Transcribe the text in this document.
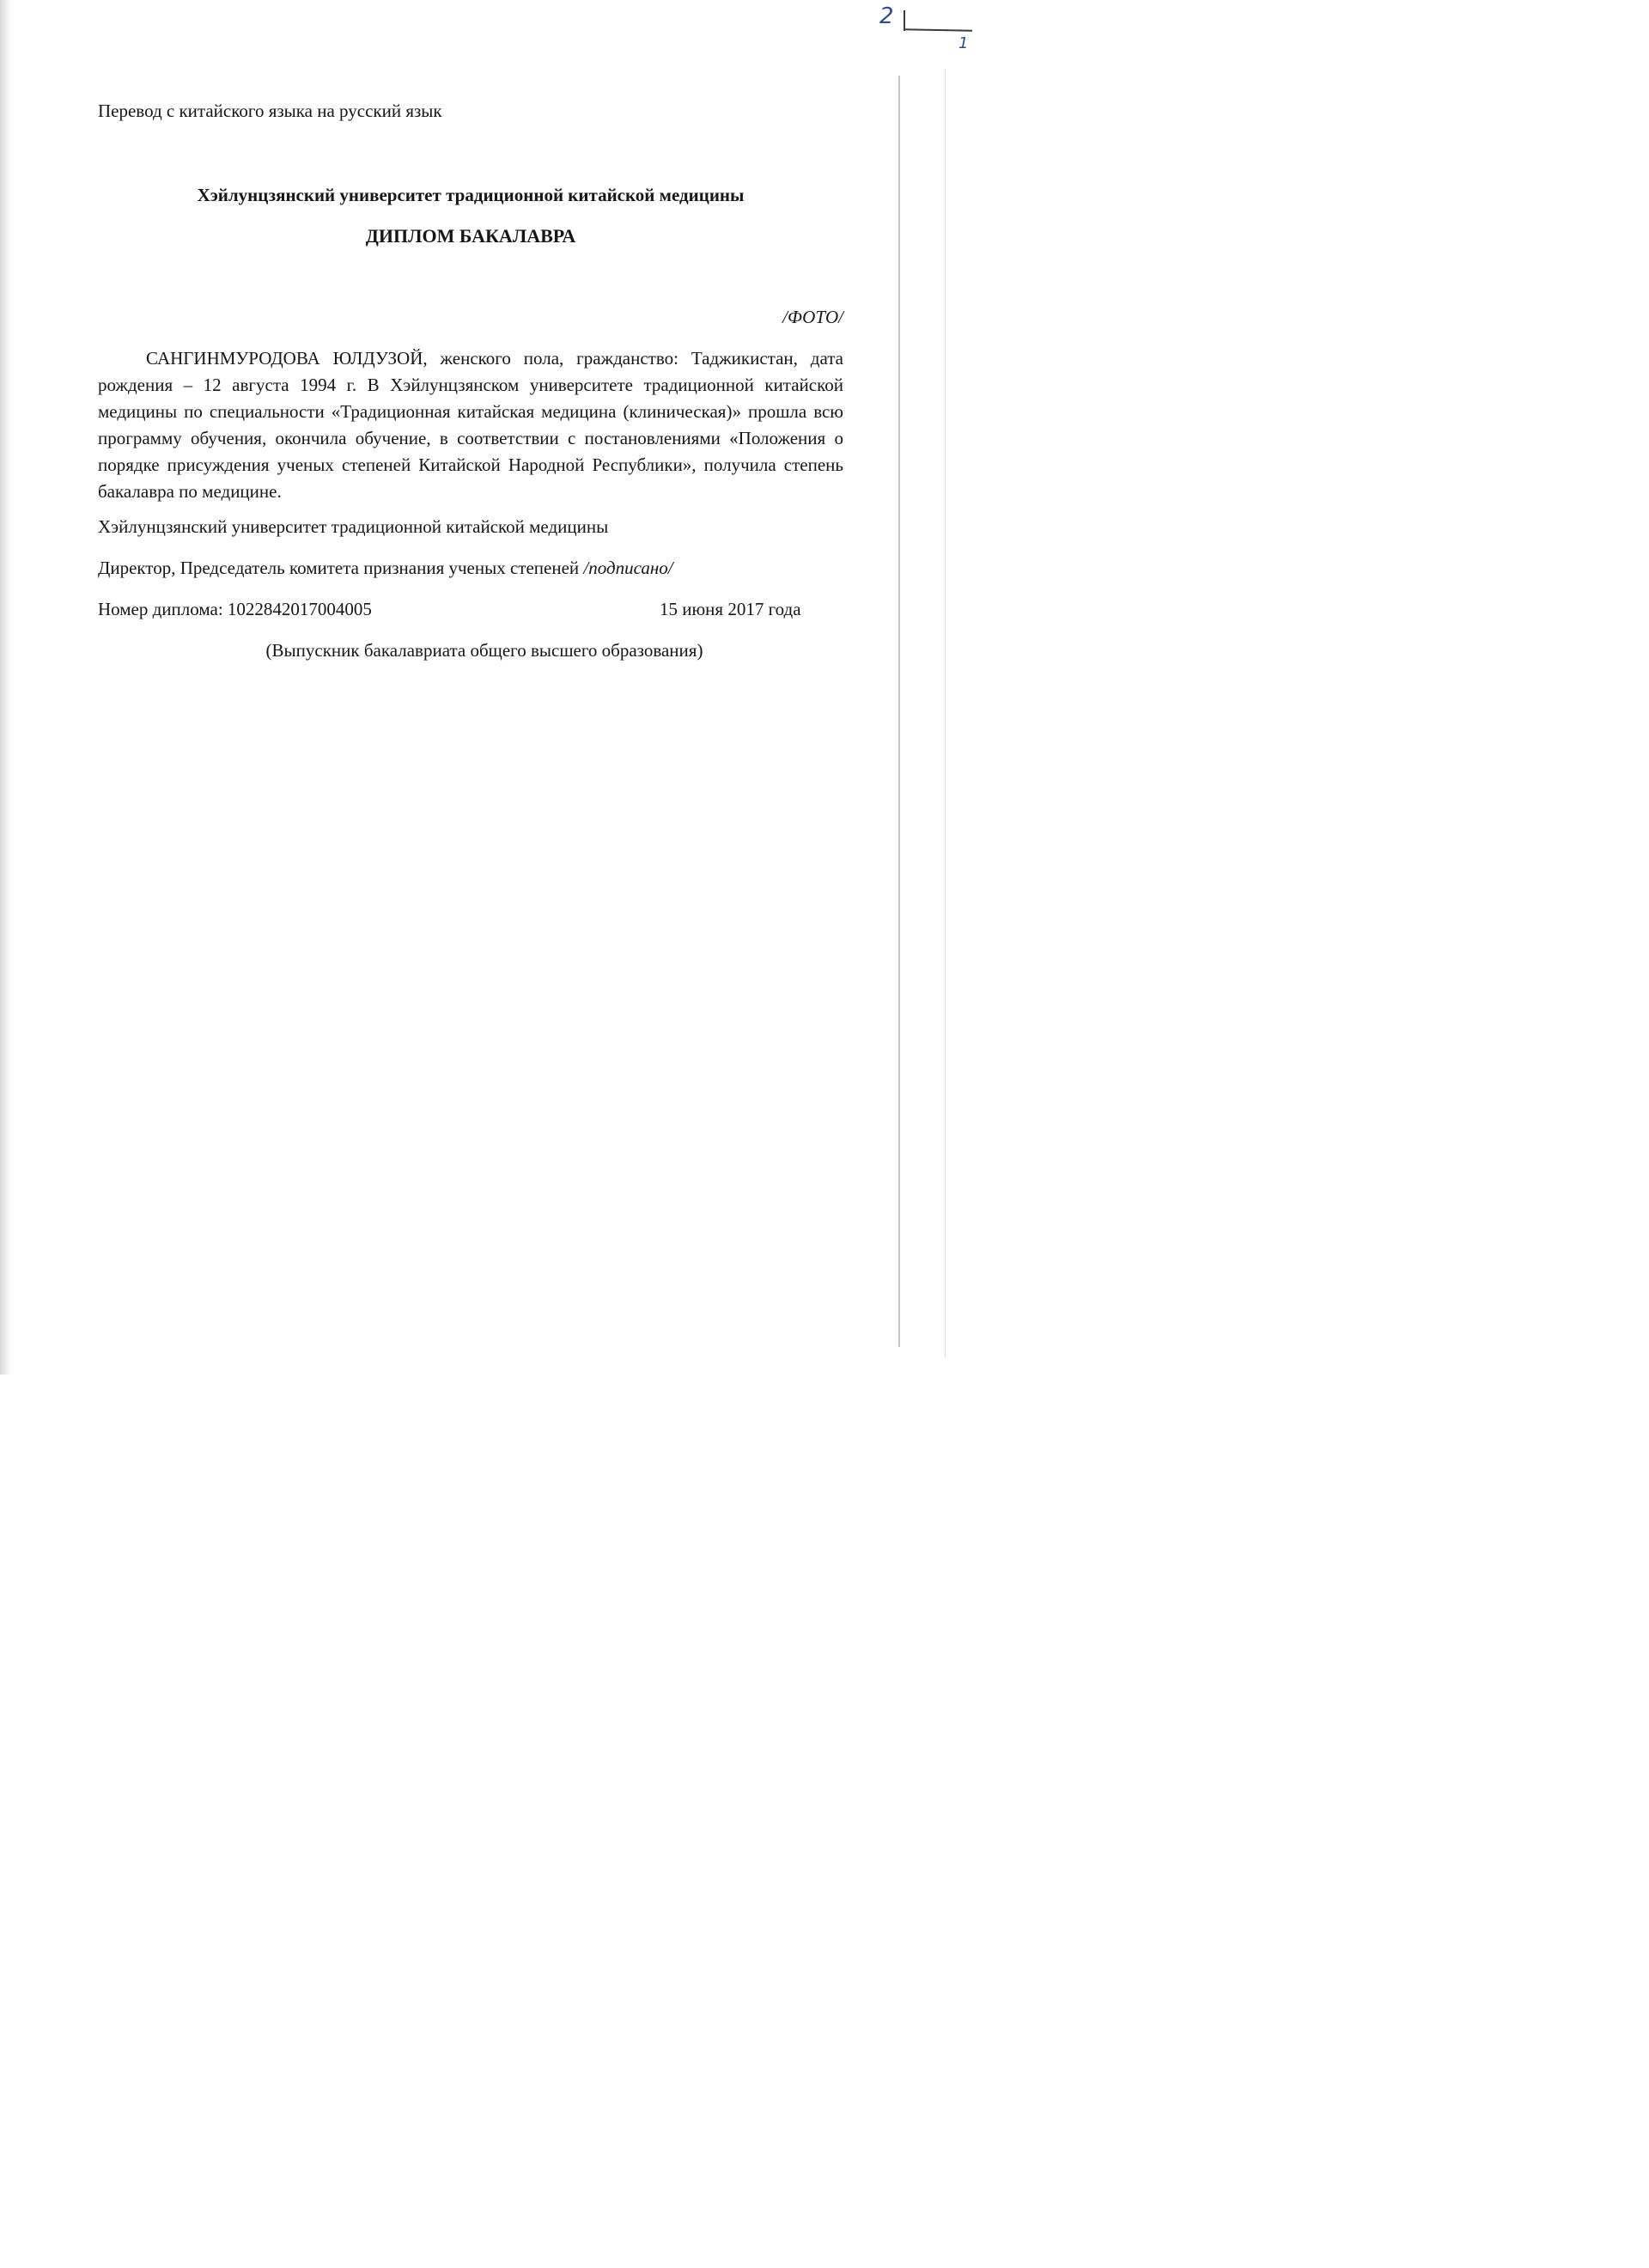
2
1
Перевод с китайского языка на русский язык
Хэйлунцзянский университет традиционной китайской медицины
ДИПЛОМ БАКАЛАВРА
/ФОТО/
САНГИНМУРОДОВА ЮЛДУЗОЙ, женского пола, гражданство: Таджикистан, дата рождения – 12 августа 1994 г. В Хэйлунцзянском университете традиционной китайской медицины по специальности «Традиционная китайская медицина (клиническая)» прошла всю программу обучения, окончила обучение, в соответствии с постановлениями «Положения о порядке присуждения ученых степеней Китайской Народной Республики», получила степень бакалавра по медицине.
Хэйлунцзянский университет традиционной китайской медицины
Директор, Председатель комитета признания ученых степеней /подписано/
Номер диплома: 1022842017004005	15 июня 2017 года
(Выпускник бакалавриата общего высшего образования)
